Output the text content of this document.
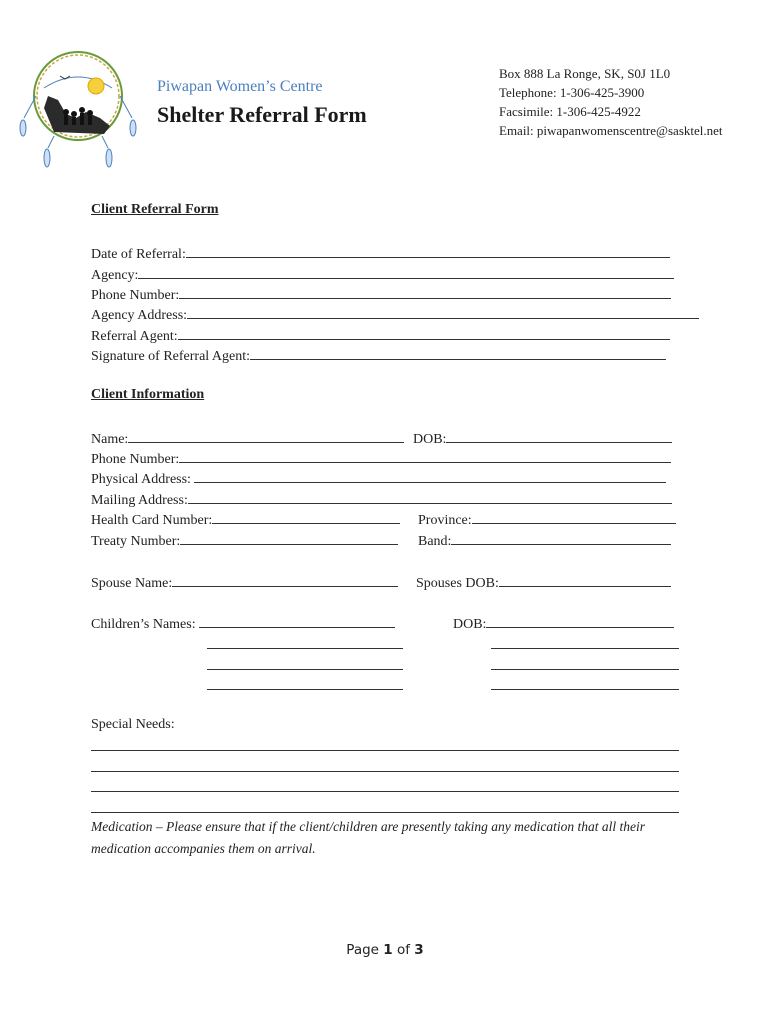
Piwapan Women’s Centre
Shelter Referral Form
Box 888 La Ronge, SK, S0J 1L0
Telephone: 1-306-425-3900
Facsimile: 1-306-425-4922
Email: piwapanwomenscentre@sasktel.net
Client Referral Form
Date of Referral:
Agency:
Phone Number:
Agency Address:
Referral Agent:
Signature of Referral Agent:
Client Information
Name:	DOB:
Phone Number:
Physical Address:
Mailing Address:
Health Card Number:	Province:
Treaty Number:	Band:
Spouse Name:	Spouses DOB:
Children’s Names:	DOB:
Special Needs:
Medication – Please ensure that if the client/children are presently taking any medication that all their medication accompanies them on arrival.
Page 1 of 3
